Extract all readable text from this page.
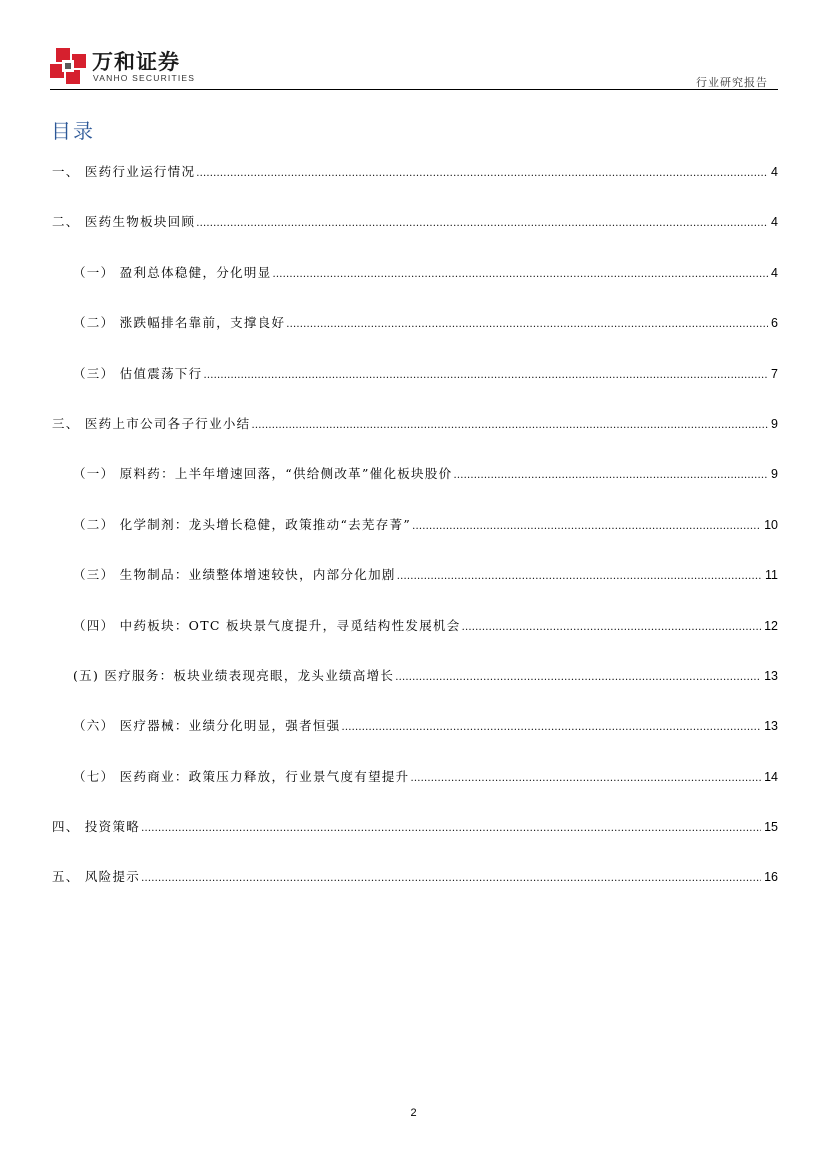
万和证券
VANHO SECURITIES	行业研究报告
目录
一、 医药行业运行情况 .....	4
二、 医药生物板块回顾 .....	4
（一） 盈利总体稳健，分化明显 .....	4
（二） 涨跌幅排名靠前，支撑良好 .....	6
（三） 估值震荡下行 .....	7
三、 医药上市公司各子行业小结 .....	9
（一） 原料药：上半年增速回落，“供给侧改革”催化板块股价 .....	9
（二） 化学制剂：龙头增长稳健，政策推动“去芜存菁” .....	10
（三） 生物制品：业绩整体增速较快，内部分化加剧 .....	11
（四） 中药板块：OTC 板块景气度提升，寻觅结构性发展机会 .....	12
(五) 医疗服务：板块业绩表现亮眼，龙头业绩高增长 .....	13
（六） 医疗器械：业绩分化明显，强者恒强 .....	13
（七） 医药商业：政策压力释放，行业景气度有望提升 .....	14
四、 投资策略 .....	15
五、 风险提示 .....	16
2
